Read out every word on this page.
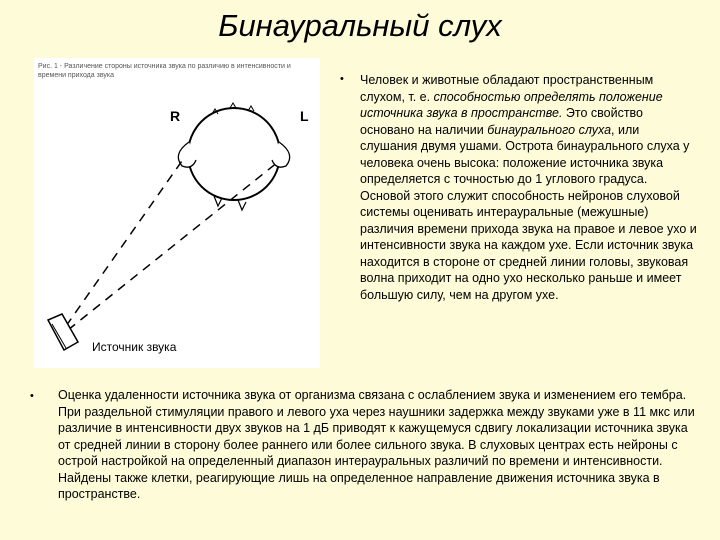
Бинауральный слух
R	L
Источник звука
Рис. 1 - Различение стороны источника звука по различию в интенсивности и времени прихода звука	• Человек и животные обладают пространственным слухом, т. е. способностью определять положение источника звука в пространстве. Это свойство основано на наличии бинаурального слуха, или слушания двумя ушами. Острота бинаурального слуха у человека очень высока: положение источника звука определяется с точностью до 1 углового градуса. Основой этого служит способность нейронов слуховой системы оценивать интерауральные (межушные) различия времени прихода звука на правое и левое ухо и интенсивности звука на каждом ухе. Если источник звука находится в стороне от средней линии головы, звуковая волна приходит на одно ухо несколько раньше и имеет большую силу, чем на другом ухе.
• Оценка удаленности источника звука от организма связана с ослаблением звука и изменением его тембра. При раздельной стимуляции правого и левого уха через наушники задержка между звуками уже в 11 мкс или различие в интенсивности двух звуков на 1 дБ приводят к кажущемуся сдвигу локализации источника звука от средней линии в сторону более раннего или более сильного звука. В слуховых центрах есть нейроны с острой настройкой на определенный диапазон интерауральных различий по времени и интенсивности. Найдены также клетки, реагирующие лишь на определенное направление движения источника звука в пространстве.
